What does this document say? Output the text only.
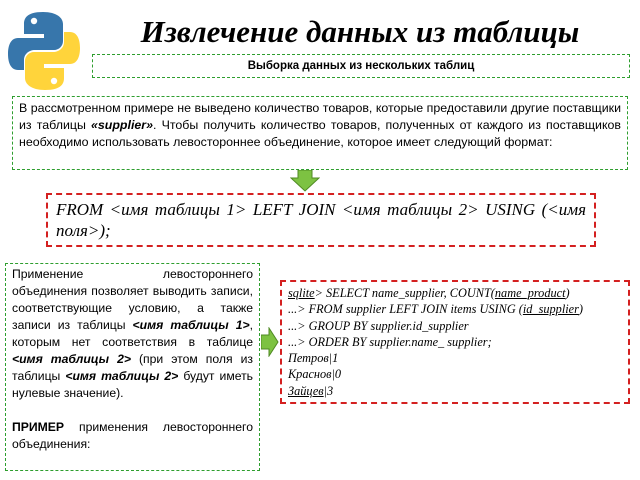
Извлечение данных из таблицы
Выборка данных из нескольких таблиц
В рассмотренном примере не выведено количество товаров, которые предоставили другие поставщики из таблицы «supplier». Чтобы получить количество товаров, полученных от каждого из поставщиков необходимо использовать левостороннее объединение, которое имеет следующий формат:
FROM <имя таблицы 1> LEFT JOIN <имя таблицы 2> USING (<имя поля>);

Применение левостороннего объединения позволяет выводить записи, соответствующие условию, а также записи из таблицы <имя таблицы 1>, которым нет соответствия в таблице <имя таблицы 2> (при этом поля из таблицы <имя таблицы 2> будут иметь нулевые значение).

ПРИМЕР применения левостороннего объединения:

sqlite> SELECT name_supplier, COUNT(name_product)
...> FROM supplier LEFT JOIN items USING (id_supplier)
...> GROUP BY supplier.id_supplier
...> ORDER BY supplier.name_ supplier;
Петров|1
Краснов|0
Зайцев|3
